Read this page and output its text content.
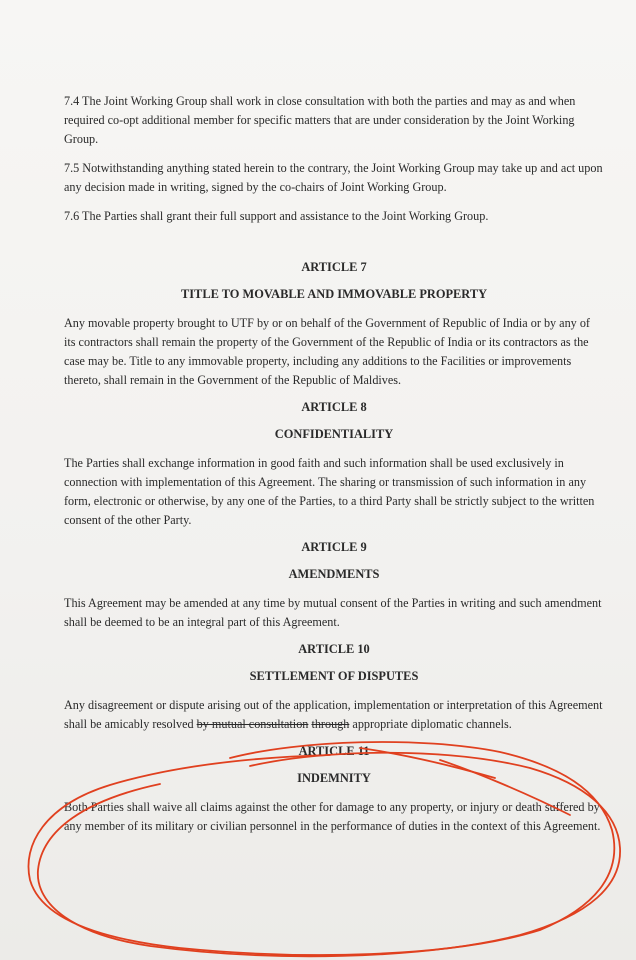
7.4 The Joint Working Group shall work in close consultation with both the parties and may as and when required co-opt additional member for specific matters that are under consideration by the Joint Working Group.

7.5 Notwithstanding anything stated herein to the contrary, the Joint Working Group may take up and act upon any decision made in writing, signed by the co-chairs of Joint Working Group.

7.6 The Parties shall grant their full support and assistance to the Joint Working Group.

ARTICLE 7
TITLE TO MOVABLE AND IMMOVABLE PROPERTY

Any movable property brought to UTF by or on behalf of the Government of Republic of India or by any of its contractors shall remain the property of the Government of the Republic of India or its contractors as the case may be. Title to any immovable property, including any additions to the Facilities or improvements thereto, shall remain in the Government of the Republic of Maldives.

ARTICLE 8
CONFIDENTIALITY

The Parties shall exchange information in good faith and such information shall be used exclusively in connection with implementation of this Agreement. The sharing or transmission of such information in any form, electronic or otherwise, by any one of the Parties, to a third Party shall be strictly subject to the written consent of the other Party.

ARTICLE 9
AMENDMENTS

This Agreement may be amended at any time by mutual consent of the Parties in writing and such amendment shall be deemed to be an integral part of this Agreement.

ARTICLE 10
SETTLEMENT OF DISPUTES

Any disagreement or dispute arising out of the application, implementation or interpretation of this Agreement shall be amicably resolved by mutual consultation through appropriate diplomatic channels.

ARTICLE 11
INDEMNITY

Both Parties shall waive all claims against the other for damage to any property, or injury or death suffered by any member of its military or civilian personnel in the performance of duties in the context of this Agreement.
